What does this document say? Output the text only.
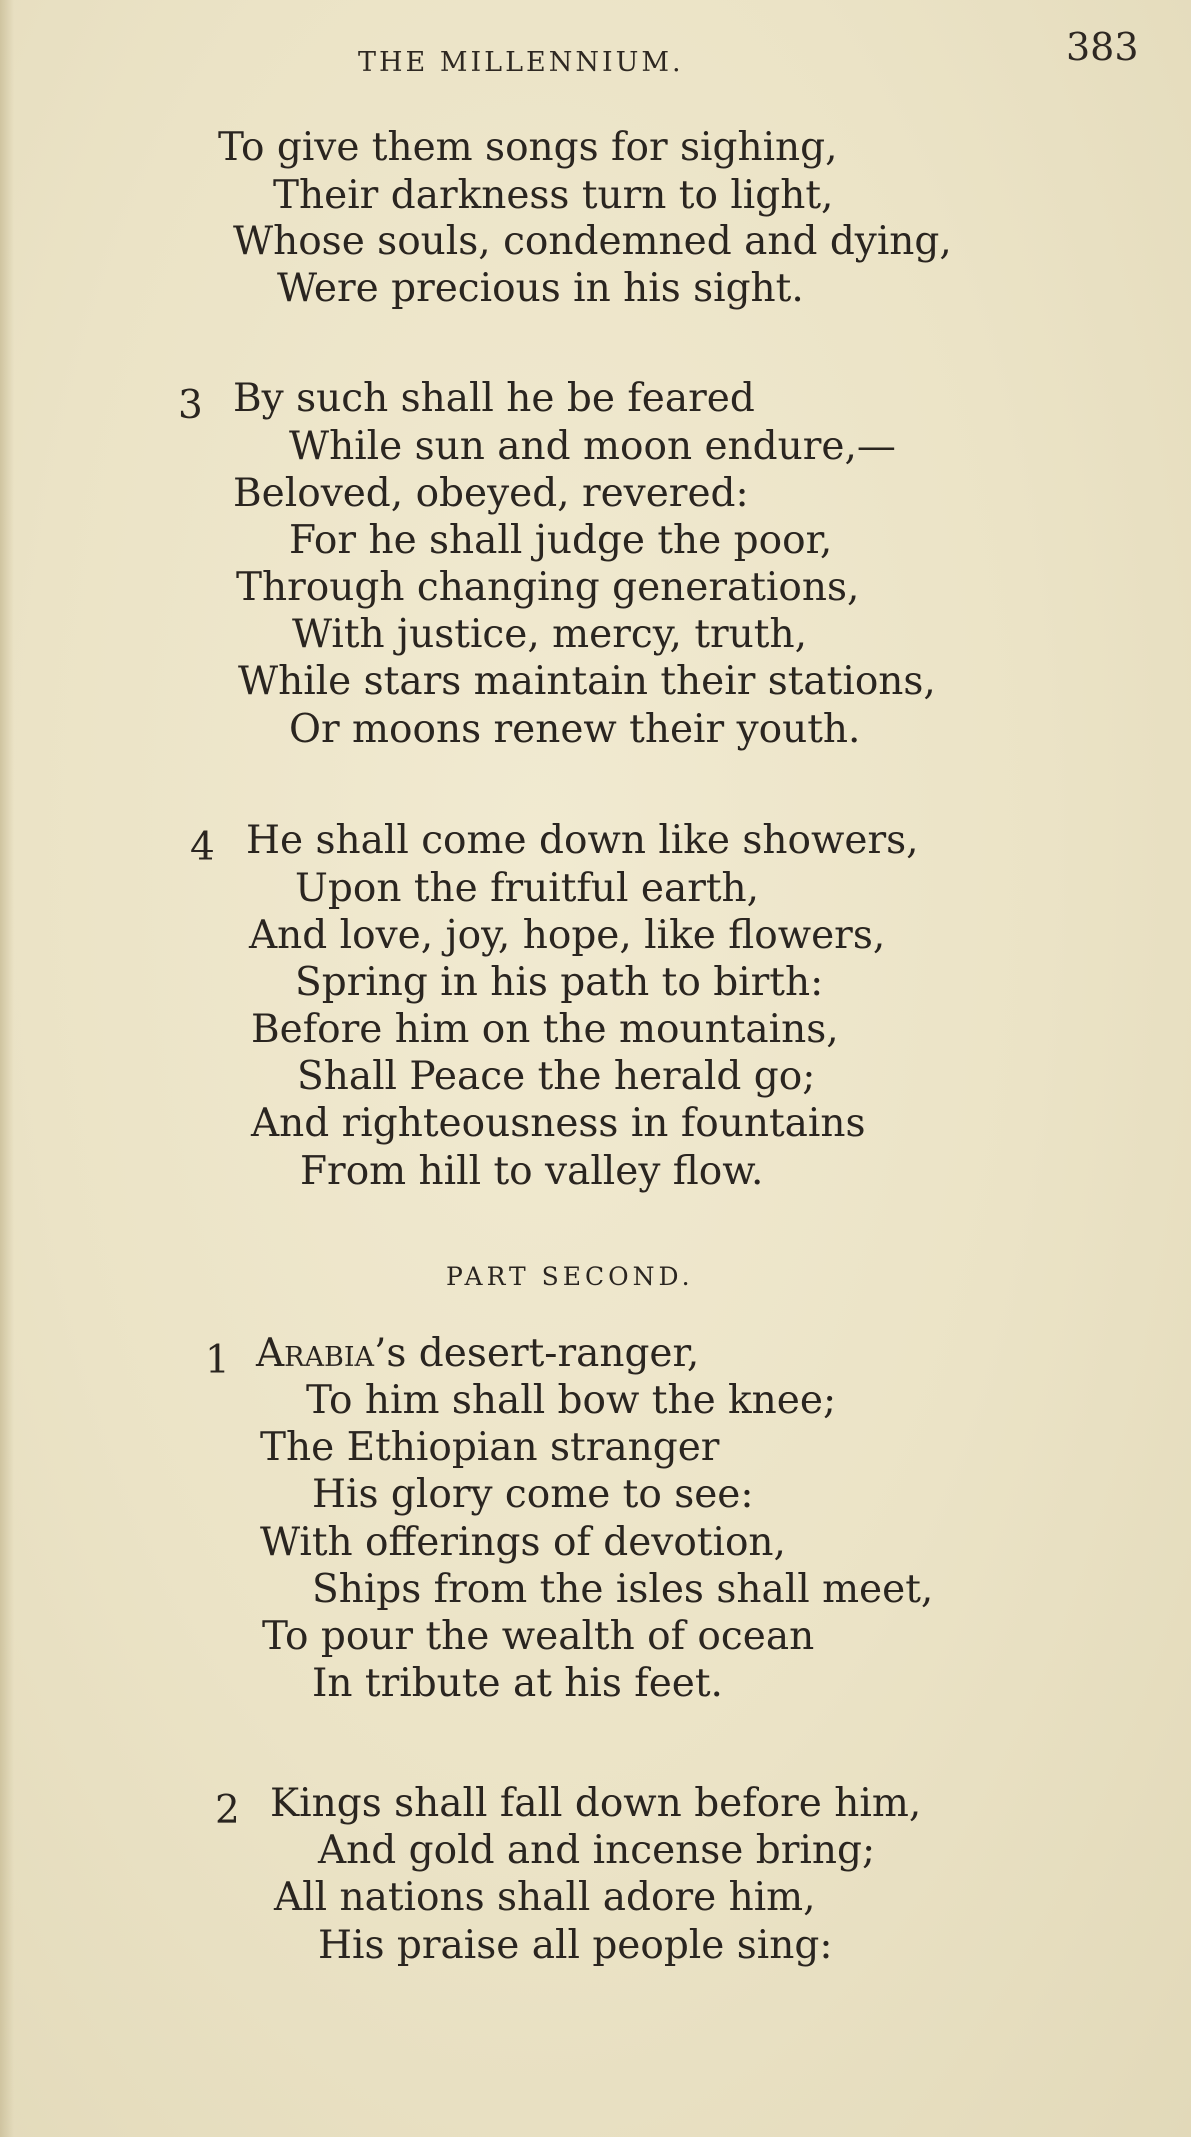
THE MILLENNIUM.	383
To give them songs for sighing,
Their darkness turn to light,
Whose souls, condemned and dying,
Were precious in his sight.
3 By such shall he be feared
While sun and moon endure,—
Beloved, obeyed, revered:
For he shall judge the poor,
Through changing generations,
With justice, mercy, truth,
While stars maintain their stations,
Or moons renew their youth.
4 He shall come down like showers,
Upon the fruitful earth,
And love, joy, hope, like flowers,
Spring in his path to birth:
Before him on the mountains,
Shall Peace the herald go;
And righteousness in fountains
From hill to valley flow.
PART SECOND.
1 Arabia’s desert-ranger,
To him shall bow the knee;
The Ethiopian stranger
His glory come to see:
With offerings of devotion,
Ships from the isles shall meet,
To pour the wealth of ocean
In tribute at his feet.
2 Kings shall fall down before him,
And gold and incense bring;
All nations shall adore him,
His praise all people sing:
